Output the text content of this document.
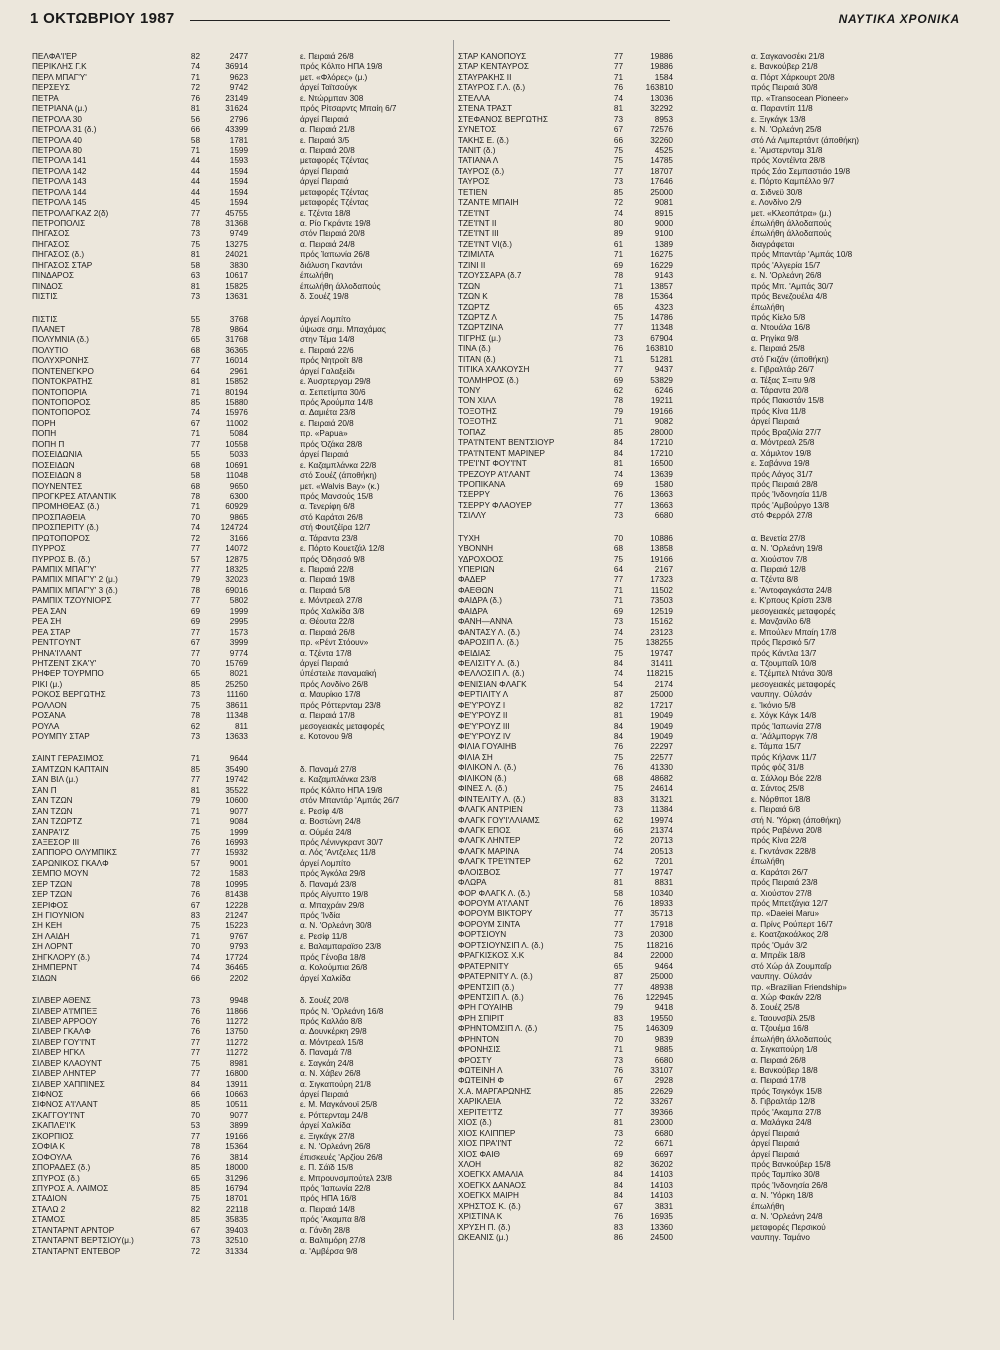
1 ΟΚΤΩΒΡΙΟΥ 1987	ΝΑΥΤΙΚΑ ΧΡΟΝΙΚΑ
ΠΕΛΦΑ'Ι'ΕΡ	82	2477	ε. Πειραιά 26/8
ΠΕΡΙΚΛΗΣ Γ.Κ	74	36914	πρός Κόλπο ΗΠΑ 19/8
ΠΕΡΛ ΜΠΑΓ'Υ'	71	9623	μετ. «Φλόρες» (μ.)
ΠΕΡΣΕΥΣ	72	9742	άργεί Ταϊτσούγκ
ΠΕΤΡΑ	76	23149	ε. Ντώρμπαν 308
ΠΕΤΡΙΑΝΑ (μ.)	81	31624	πρός Ρίτσαρντς Μπαίη 6/7
ΠΕΤΡΟΛΑ 30	56	2796	άργεί Πειραιά
ΠΕΤΡΟΛΑ 31 (δ.)	66	43399	α. Πειραιά 21/8
ΠΕΤΡΟΛΑ 40	58	1781	ε. Πειραιά 3/5
ΠΕΤΡΟΛΑ 80	71	1599	α. Πειραιά 20/8
ΠΕΤΡΟΛΑ 141	44	1593	μεταφορές Τζέντας
ΠΕΤΡΟΛΑ 142	44	1594	άργεί Πειραιά
ΠΕΤΡΟΛΑ 143	44	1594	άργεί Πειραιά
ΠΕΤΡΟΛΑ 144	44	1594	μεταφορές Τζέντας
ΠΕΤΡΟΛΑ 145	45	1594	μεταφορές Τζέντας
ΠΕΤΡΟΛΑΓΚΑΖ 2(δ)	77	45755	ε. Τζέντα 18/8
ΠΕΤΡΟΠΟΛΙΣ	78	31368	α. Ρίο Γκράντε 19/8
ΠΗΓΑΣΟΣ	73	9749	στόν Πειραιά 20/8
ΠΗΓΑΣΟΣ	75	13275	α. Πειραιά 24/8
ΠΗΓΑΣΟΣ (δ.)	81	24021	πρός Ίαπωνία 26/8
ΠΗΓΑΣΟΣ ΣΤΑΡ	58	3830	διάλυση Γκαντάνι
ΠΙΝΔΑΡΟΣ	63	10617	έπωλήθη
ΠΙΝΔΟΣ	81	15825	έπωλήθη άλλοδαπούς
ΠΙΣΤΙΣ	73	13631	δ. Σουέζ 19/8
ΠΙΣΤΙΣ	55	3768	άργεί Λομπίτο
ΠΛΑΝΕΤ	78	9864	ύψωσε σημ. Μπαχάμας
ΠΟΛΥΜΝΙΑ (δ.)	65	31768	στην Τέμα 14/8
ΠΟΛΥΤΙΟ	68	36365	ε. Πειραιά 22/6
ΠΟΛΥΧΡΟΝΗΣ	77	16014	πρός Νητροϊτ 8/8
ΠΟΝΤΕΝΕΓΚΡΟ	64	2961	άργεί Γαλαξείδι
ΠΟΝΤΟΚΡΑΤΗΣ	81	15852	ε. Άυσρτεργαμ 29/8
ΠΟΝΤΟΠΟΡΙΑ	71	80194	α. Σεπετίμπα 30/6
ΠΟΝΤΟΠΟΡΟΣ	85	15880	πρός Άρούμπα 14/8
ΠΟΝΤΟΠΟΡΟΣ	74	15976	α. Δαμιέτα 23/8
ΠΟΡΗ	67	11002	ε. Πειραιά 20/8
ΠΟΠΗ	71	5084	πρ. «Papua»
ΠΟΠΗ Π	77	10558	πρός Όζάκα 28/8
ΠΟΣΕΙΔΩΝΙΑ	55	5033	άργεί Πειραιά
ΠΟΣΕΙΔΩΝ	68	10691	ε. Καζαμπλάνκα 22/8
ΠΟΣΕΙΔΩΝ 8	58	11048	στό Σουέζ (άποθήκη)
ΠΟΥΝΕΝΤΕΣ	68	9650	μετ. «Walvis Bay» (κ.)
ΠΡΟΓΚΡΕΣ ΑΤΛΑΝΤΙΚ	78	6300	πρός Μανσούς 15/8
ΠΡΟΜΗΘΕΑΣ (δ.)	71	60929	α. Τενερίφη 6/8
ΠΡΟΣΠΑΘΕΙΑ	70	9865	στό Καράτσι 26/8
ΠΡΟΣΠΕΡΙΤΥ (δ.)	74	124724	στή Φουτζέϊρα 12/7
ΠΡΩΤΟΠΟΡΟΣ	72	3166	α. Τάραντα 23/8
ΠΥΡΡΟΣ	77	14072	ε. Πόρτο Κουετζάλ 12/8
ΠΥΡΡΟΣ Β. (δ.)	57	12875	πρός Όδησσό 9/8
ΡΑΜΠΙΧ ΜΠΑΓ'Υ'	77	18325	ε. Πειραιά 22/8
ΡΑΜΠΙΧ ΜΠΑΓ'Υ' 2 (μ.)	79	32023	α. Πειραιά 19/8
ΡΑΜΠΙΧ ΜΠΑΓ'Υ' 3 (δ.)	78	69016	α. Πειραιά 5/8
ΡΑΜΠΙΧ ΤΖΟΥΝΙΟΡΣ	77	5802	ε. Μόντρεαλ 27/8
ΡΕΑ ΣΑΝ	69	1999	πρός Χαλκίδα 3/8
ΡΕΑ ΣΗ	69	2995	α. Θέουτα 22/8
ΡΕΑ ΣΤΑΡ	77	1573	α. Πειραιά 26/8
ΡΕΝΤΓΟΥΝΤ	67	3999	πρ. «Ρέντ Στόουν»
ΡΗΝΑ'Ι'ΛΑΝΤ	77	9774	α. Τζέντα 17/8
ΡΗΤΖΕΝΤ ΣΚΑ'Υ'	70	15769	άργεί Πειραιά
ΡΗΦΕΡ ΤΟΥΡΜΠΟ	65	8021	ύπέστειλε παναμαϊκή
ΡΙΚΙ (μ.)	85	25250	πρός Λονδίνο 26/8
ΡΟΚΟΣ ΒΕΡΓΩΤΗΣ	73	11160	α. Μαυρίκιο 17/8
ΡΟΛΛΟΝ	75	38611	πρός Ρόττερνταμ 23/8
ΡΟΣΑΝΑ	78	11348	α. Πειραιά 17/8
ΡΟΥΛΑ	62	811	μεσογειακές μεταφορές
ΡΟΥΜΠΥ ΣΤΑΡ	73	13633	ε. Κοτονου 9/8
ΣΑΙΝΤ ΓΕΡΑΣΙΜΟΣ	71	9644
ΣΑΜΤΖΩΝ ΚΑΠΤΑΙΝ	85	35490	δ. Παναμά 27/8
ΣΑΝ ΒΙΛ (μ.)	77	19742	ε. Καζαμπλάνκα 23/8
ΣΑΝ Π	81	35522	πρός Κόλπο ΗΠΑ 19/8
ΣΑΝ ΤΖΩΝ	79	10600	στόν Μπαντάρ 'Αμπάς 26/7
ΣΑΝ ΤΖΩΝ	71	9077	ε. Ρεσίφ 4/8
ΣΑΝ ΤΖΩΡΤΖ	71	9084	α. Βοστώνη 24/8
ΣΑΝΡΑ'Ι'Ζ	75	1999	α. Ούμέα 24/8
ΣΑΞΕΣΟΡ ΙΙΙ	76	16993	πρός Λένινγκραντ 30/7
ΣΑΠΠΟΡΟ ΟΛΥΜΠΙΚΣ	77	15932	α. Λός 'Αντζελες 11/8
ΣΑΡΩΝΙΚΟΣ ΓΚΑΛΦ	57	9001	άργεί Λομπίτο
ΣΕΜΠΟ ΜΟΥΝ	72	1583	πρός Άγκόλα 29/8
ΣΕΡ ΤΖΩΝ	78	10995	δ. Παναμά 23/8
ΣΕΡ ΤΖΩΝ	76	81438	πρός Αίγυπτο 19/8
ΣΕΡΙΦΟΣ	67	12228	α. Μπαχράιν 29/8
ΣΗ ΓΙΟΥΝΙΟΝ	83	21247	πρός 'Ινδία
ΣΗ ΚΕΗ	75	15223	α. Ν. 'Ορλεάνη 30/8
ΣΗ ΛΑΙΔΗ	71	9767	ε. Ρεσίφ 11/8
ΣΗ ΛΟΡΝΤ	70	9793	ε. Βαλαμπαραϊσο 23/8
ΣΗΓΚΛΟΡΥ (δ.)	74	17724	πρός Γένοβα 18/8
ΣΗΜΠΕΡΝΤ	74	36465	α. Κολούμπια 26/8
ΣΙΔΩΝ	66	2202	άργεί Χαλκίδα
ΣΙΛΒΕΡ ΑΘΕΝΣ	73	9948	δ. Σουέζ 20/8
ΣΙΛΒΕΡ Α'Ι'ΜΠΕΞ	76	11866	πρός Ν. 'Ορλεάνη 16/8
ΣΙΛΒΕΡ ΑΡΡΟΟΥ	76	11272	πρός Καλλάο 8/8
ΣΙΛΒΕΡ ΓΚΑΛΦ	76	13750	α. Δουνκέρκη 29/8
ΣΙΛΒΕΡ ΓΟΥ'Ι'ΝΤ	77	11272	α. Μόντρεαλ 15/8
ΣΙΛΒΕΡ ΗΓΚΛ	77	11272	δ. Παναμά 7/8
ΣΙΛΒΕΡ ΚΛΑΟΥΝΤ	75	8981	ε. Σαγκάη 24/8
ΣΙΛΒΕΡ ΛΗΝΤΕΡ	77	16800	α. Ν. Χάβεν 26/8
ΣΙΛΒΕΡ ΧΑΠΠΙΝΕΣ	84	13911	α. Σιγκαπούρη 21/8
ΣΙΦΝΟΣ	66	10663	άργεί Πειραιά
ΣΙΦΝΟΣ Α'Ι'ΛΑΝΤ	85	10511	ε. Μ. Μαγκάνουϊ 25/8
ΣΚΑΓΓΟΥ'Ι'ΝΤ	70	9077	ε. Ρόττερνταμ 24/8
ΣΚΑΠΛΕ'Ι'Κ	53	3899	άργεί Χαλκίδα
ΣΚΟΡΠΙΟΣ	77	19166	ε. Ξιγκάγκ 27/8
ΣΟΦΙΑ Κ	78	15364	ε. Ν. 'Ορλεάνη 26/8
ΣΟΦΟΥΛΑ	76	3814	έπισκευές 'Αρζίου 26/8
ΣΠΟΡΑΔΕΣ (δ.)	85	18000	ε. Π. Σάϊδ 15/8
ΣΠΥΡΟΣ (δ.)	65	31296	ε. Μπρουνσμπούτελ 23/8
ΣΠΥΡΟΣ Α. ΛΑΙΜΟΣ	85	16794	πρός 'Ιαπωνία 22/8
ΣΤΑΔΙΟΝ	75	18701	πρός ΗΠΑ 16/8
ΣΤΑΛΩ 2	82	22118	α. Πειραιά 14/8
ΣΤΑΜΟΣ	85	35835	πρός 'Ακαμπα 8/8
ΣΤΑΝΤΑΡΝΤ ΑΡΝΤΟΡ	67	39403	α. Γάνδη 28/8
ΣΤΑΝΤΑΡΝΤ ΒΕΡΤΣΙΟΥ(μ.)	73	32510	α. Βαλτιμόρη 27/8
ΣΤΑΝΤΑΡΝΤ ΕΝΤΕΒΟΡ	72	31334	α. 'Αμβέρσα 9/8
ΣΤΑΡ ΚΑΝΟΠΟΥΣ	77	19886	α. Σαγκανοσέκι 21/8
ΣΤΑΡ ΚΕΝΤΑΥΡΟΣ	77	19886	ε. Βανκούβερ 21/8
ΣΤΑΥΡΑΚΗΣ ΙΙ	71	1584	α. Πόρτ Χάρκουρτ 20/8
ΣΤΑΥΡΟΣ Γ.Λ. (δ.)	76	163810	πρός Πειραιά 30/8
ΣΤΕΛΛΑ	74	13036	πρ. «Transocean Pioneer»
ΣΤΕΝΑ ΤΡΑΣΤ	81	32292	α. Παραντίπ 11/8
ΣΤΕΦΑΝΟΣ ΒΕΡΓΩΤΗΣ	73	8953	ε. Ξιγκάγκ 13/8
ΣΥΝΕΤΟΣ	67	72576	ε. Ν. 'Ορλεάνη 25/8
ΤΑΚΗΣ Ε. (δ.)	66	32260	στό Λά Λιμπερτάντ (άποθήκη)
ΤΑΝΙΤ (δ.)	75	4525	ε. 'Αμστερνταμ 31/8
ΤΑΤΙΑΝΑ Λ	75	14785	πρός Χοντέϊντα 28/8
ΤΑΥΡΟΣ (δ.)	77	18707	πρός Σάο Σεμπαστιάο 19/8
ΤΑΥΡΟΣ	73	17646	ε. Πόρτο Καμπέλλο 9/7
ΤΕΤΙΕΝ	85	25000	α. Σιδνεϋ 30/8
ΤΖΑΝΤΕ ΜΠΑΙΗ	72	9081	ε. Λονδίνο 2/9
ΤΖΕ'Ι'ΝΤ	74	8915	μετ. «Κλεοπάτρα» (μ.)
ΤΖΕ'Ι'ΝΤ ΙΙ	80	9000	έπωλήθη άλλοδαπούς
ΤΖΕ'Ι'ΝΤ ΙΙΙ	89	9100	έπωλήθη άλλοδαπούς
ΤΖΕ'Ι'ΝΤ VI(δ.)	61	1389	διαγράφεται
ΤΖΙΜΙΛΤΑ	71	16275	πρός Μπαντάρ 'Αμπάς 10/8
ΤΖΙΝΙ ΙΙ	69	16229	πρός 'Αλγερία 15/7
ΤΖΟΥΣΣΑΡΑ (δ.7	78	9143	ε. Ν. 'Ορλεάνη 26/8
ΤΖΩΝ	71	13857	πρός Μπ. 'Αμπάς 30/7
ΤΖΩΝ Κ	78	15364	πρός Βενεζουέλα 4/8
ΤΖΩΡΤΖ	65	4323	έπωλήθη
ΤΖΩΡΤΖ Λ	75	14786	πρός Κίελο 5/8
ΤΖΩΡΤΖΙΝΑ	77	11348	α. Ντουάλα 16/8
ΤΙΓΡΗΣ (μ.)	73	67904	α. Ρηγίκα 9/8
ΤΙΝΑ (δ.)	76	163810	ε. Πειραιά 25/8
ΤΙΤΑΝ (δ.)	71	51281	στό Γκιζάν (άποθήκη)
ΤΙΤΙΚΑ ΧΑΛΚΟΥΣΗ	77	9437	ε. Γιβραλτάρ 26/7
ΤΟΛΜΗΡΟΣ (δ.)	69	53829	α. Τέξας Σ=ιτυ 9/8
ΤΟΝΥ	62	6246	α. Τάραντα 20/8
ΤΟΝ ΧΙΛΛ	78	19211	πρός Πακιστάν 15/8
ΤΟΞΟΤΗΣ	79	19166	πρός Κίνα 11/8
ΤΟΞΟΤΗΣ	71	9082	άργεί Πειραιά
ΤΟΠΑΖ	85	28000	πρός Βραζιλία 27/7
ΤΡΑ'Ι'ΝΤΕΝΤ ΒΕΝΤΣΙΟΥΡ	84	17210	α. Μόντρεαλ 25/8
ΤΡΑ'Ι'ΝΤΕΝΤ ΜΑΡΙΝΕΡ	84	17210	α. Χάμιλτον 19/8
ΤΡΕ'Ι'ΝΤ ΦΟΥ'Ι'ΝΤ	81	16500	ε. Σαβάννα 19/8
ΤΡΕΖΟΥΡ Α'Ι'ΛΑΝΤ	74	13639	πρός Λάγος 31/7
ΤΡΟΠΙΚΑΝΑ	69	1580	πρός Πειραιά 28/8
ΤΣΕΡΡΥ	76	13663	πρός 'Ινδονησία 11/8
ΤΣΕΡΡΥ ΦΛΑΟΥΕΡ	77	13663	πρός 'Αμβούργο 13/8
ΤΣΙΛΛΥ	73	6680	στό Φερρόλ 27/8
ΤΥΧΗ	70	10886	α. Βενετία 27/8
ΥΒΟΝΝΗ	68	13858	α. Ν. 'Ορλεάνη 19/8
ΥΔΡΟΧΟΟΣ	75	19166	α. Χιούστον 7/8
ΥΠΕΡΙΩΝ	64	2167	α. Πειραιά 12/8
ΦΑΔΕΡ	77	17323	α. Τζέντα 8/8
ΦΑΕΘΩΝ	71	11502	ε. 'Αντοφαγκάστα 24/8
ΦΑΙΔΡΑ (δ.)	71	73503	ε. Κ'ρπους Κρίστι 23/8
ΦΑΙΔΡΑ	69	12519	μεσογειακές μεταφορές
ΦΑΝΗ—ΑΝΝΑ	73	15162	ε. Μανζανίλο 6/8
ΦΑΝΤΑΣΥ Λ. (δ.)	74	23123	ε. Μπούλεν Μπαίη 17/8
ΦΑΡΟΣΙΠ Λ. (δ.)	75	138255	πρός Περσικό 5/7
ΦΕΙΔΙΑΣ	75	19747	πρός Κάντλα 13/7
ΦΕΛΙΣΙΤΥ Λ. (δ.)	84	31411	α. Τζουμπαΐλ 10/8
ΦΕΛΛΟΣΙΠ Λ. (δ.)	74	118215	ε. Τζέμπελ Ντάνα 30/8
ΦΕΝΙΣΙΑΝ ΦΛΑΓΚ	54	2174	μεσογειακές μεταφορές
ΦΕΡΤΙΛΙΤΥ Λ	87	25000	ναυπηγ. Ούλσάν
ΦΕ'Υ'ΡΟΥΖ Ι	82	17217	ε. 'Ικόνιο 5/8
ΦΕ'Υ'ΡΟΥΖ ΙΙ	81	19049	ε. Χόγκ Κάγκ 14/8
ΦΕ'Υ'ΡΟΥΖ ΙΙΙ	84	19049	πρός 'Ιαπωνία 27/8
ΦΕ'Υ'ΡΟΥΖ IV	84	19049	α. 'Αάλμποργκ 7/8
ΦΙΛΙΑ ΓΟΥΑΙΗΒ	76	22297	ε. Τάμπα 15/7
ΦΙΛΙΑ ΣΗ	75	22577	πρός Κήλανκ 11/7
ΦΙΛΙΚΟΝ Λ. (δ.)	76	41330	πρός φόζ 31/8
ΦΙΛΙΚΟΝ (δ.)	68	48682	α. Σάλλομ Βόε 22/8
ΦΙΝΕΣ Λ. (δ.)	75	24614	α. Σάντος 25/8
ΦΙΝΤΕΛΙΤΥ Λ. (δ.)	83	31321	ε. Νόρθποτ 18/8
ΦΛΑΓΚ ΑΝΤΡΙΕΝ	73	11384	ε. Πειραιά 6/8
ΦΛΑΓΚ ΓΟΥ'Ι'ΛΛΙΑΜΣ	62	19974	στή Ν. 'Υόρκη (άποθήκη)
ΦΛΑΓΚ ΕΠΟΣ	66	21374	πρός Ραβέννα 20/8
ΦΛΑΓΚ ΛΗΝΤΕΡ	72	20713	πρός Κίνα 22/8
ΦΛΑΓΚ ΜΑΡΙΝΑ	74	20513	ε. Γκντάνσκ 228/8
ΦΛΑΓΚ ΤΡΕ'Ι'ΝΤΕΡ	62	7201	έπωλήθη
ΦΛΟΙΣΒΟΣ	77	19747	α. Καράτσι 26/7
ΦΛΩΡΑ	81	8831	πρός Πειραιά 23/8
ΦΟΡ ΦΛΑΓΚ Λ. (δ.)	58	10340	α. Χιούστον 27/8
ΦΟΡΟΥΜ Α'Ι'ΛΑΝΤ	76	18933	πρός Μπετζάγια 12/7
ΦΟΡΟΥΜ ΒΙΚΤΟΡΥ	77	35713	πρ. «Daeiei Maru»
ΦΟΡΟΥΜ ΣΙΝΤΑ	77	17918	α. Πρίνς Ρούπερτ 16/7
ΦΟΡΤΣΙΟΥΝ	73	20300	ε. Κοατζακοάλκος 2/8
ΦΟΡΤΣΙΟΥΝΣΙΠ Λ. (δ.)	75	118216	πρός 'Ομάν 3/2
ΦΡΑΓΚΙΣΚΟΣ Χ.Κ	84	22000	α. Μπρέϊκ 18/8
ΦΡΑΤΕΡΝΙΤΥ	65	9464	στό Χώρ άλ Ζουμπαΐρ
ΦΡΑΤΕΡΝΙΤΥ Λ. (δ.)	87	25000	ναυπηγ. Ούλσάν
ΦΡΕΝΤΣΙΠ (δ.)	77	48938	πρ. «Brazilian Friendship»
ΦΡΕΝΤΣΙΠ Λ. (δ.)	76	122945	α. Χώρ Φακάν 22/8
ΦΡΗ ΓΟΥΑΙΗΒ	79	9418	δ. Σουέζ 25/8
ΦΡΗ ΣΠΙΡΙΤ	83	19550	ε. Ταουνσβίλ 25/8
ΦΡΗΝΤΟΜΣΙΠ Λ. (δ.)	75	146309	α. Τζουέμα 16/8
ΦΡΗΝΤΟΝ	70	9839	έπωλήθη άλλοδαπούς
ΦΡΟΝΗΣΙΣ	71	9885	α. Σιγκαπούρη 1/8
ΦΡΟΣΤΥ	73	6680	α. Πειραιά 26/8
ΦΩΤΕΙΝΗ Λ	76	33107	ε. Βανκούβερ 18/8
ΦΩΤΕΙΝΗ Φ	67	2928	α. Πειραιά 17/8
Χ.Α. ΜΑΡΓΑΡΩΝΗΣ	85	22629	πρός Τσιγκόγκ 15/8
ΧΑΡΙΚΛΕΙΑ	72	33267	δ. Γιβραλτάρ 12/8
ΧΕΡΙΤΕ'Ι'ΤΖ	77	39366	πρός 'Ακαμπα 27/8
ΧΙΟΣ (δ.)	81	23000	α. Μαλάγκα 24/8
ΧΙΟΣ ΚΛΙΠΠΕΡ	73	6680	άργεί Πειραιά
ΧΙΟΣ ΠΡΑ'Ι'ΝΤ	72	6671	άργεί Πειραιά
ΧΙΟΣ ΦΑΙΘ	69	6697	άργεί Πειραιά
ΧΛΟΗ	82	36202	πρός Βανκούβερ 15/8
ΧΟΕΓΚΧ ΑΜΑΛΙΑ	84	14103	πρός Ταμπίκο 30/8
ΧΟΕΓΚΧ ΔΑΝΑΟΣ	84	14103	πρός 'Ινδονησία 26/8
ΧΟΕΓΚΧ ΜΑΙΡΗ	84	14103	α. Ν. 'Υόρκη 18/8
ΧΡΗΣΤΟΣ Κ. (δ.)	67	3831	έπωλήθη
ΧΡΙΣΤΙΝΑ Κ	76	16935	α. Ν. 'Ορλεάνη 24/8
ΧΡΥΣΗ Π. (δ.)	83	13360	μεταφορές Περσικού
ΩΚΕΑΝΙΣ (μ.)	86	24500	ναυπηγ. Ταμάνο
